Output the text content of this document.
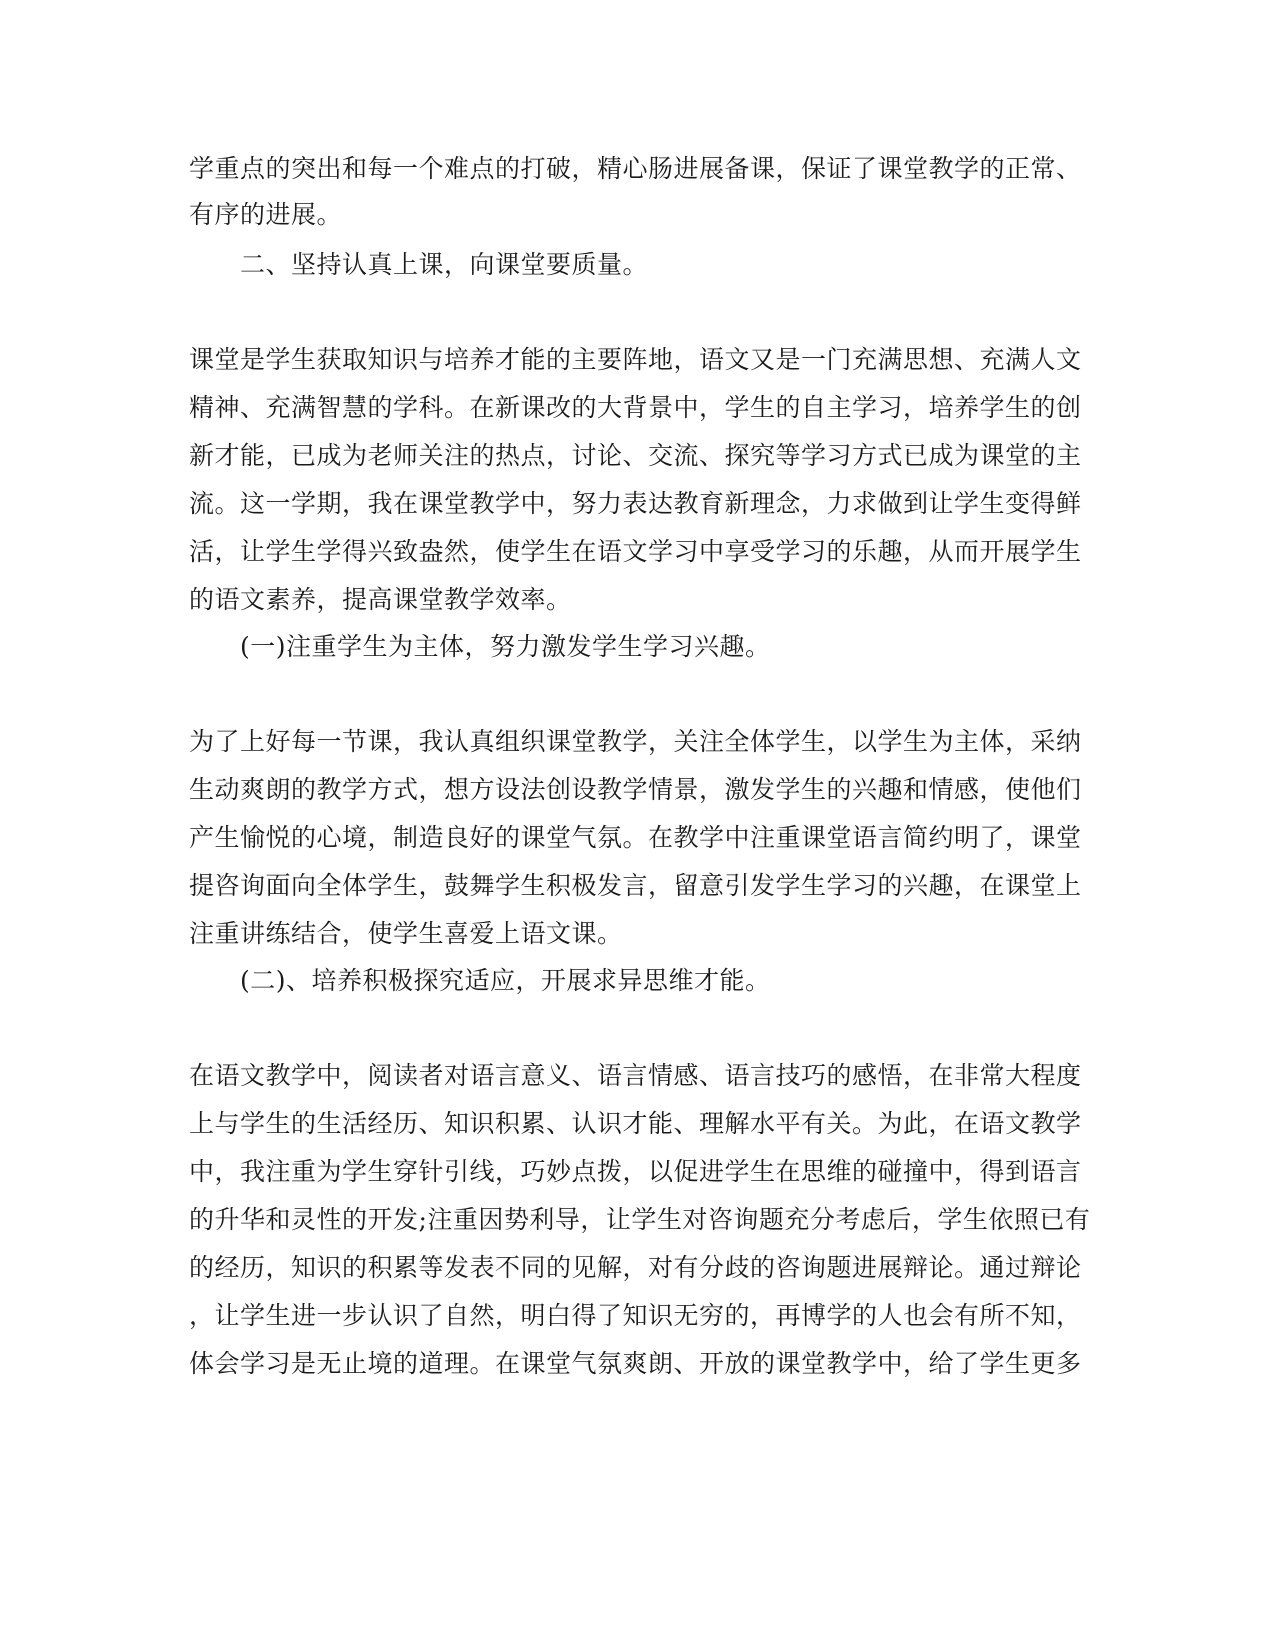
学重点的突出和每一个难点的打破，精心肠进展备课，保证了课堂教学的正常、
有序的进展。
二、坚持认真上课，向课堂要质量。
课堂是学生获取知识与培养才能的主要阵地，语文又是一门充满思想、充满人文
精神、充满智慧的学科。在新课改的大背景中，学生的自主学习，培养学生的创
新才能，已成为老师关注的热点，讨论、交流、探究等学习方式已成为课堂的主
流。这一学期，我在课堂教学中，努力表达教育新理念，力求做到让学生变得鲜
活，让学生学得兴致盎然，使学生在语文学习中享受学习的乐趣，从而开展学生
的语文素养，提高课堂教学效率。
(一)注重学生为主体，努力激发学生学习兴趣。
为了上好每一节课，我认真组织课堂教学，关注全体学生，以学生为主体，采纳
生动爽朗的教学方式，想方设法创设教学情景，激发学生的兴趣和情感，使他们
产生愉悦的心境，制造良好的课堂气氛。在教学中注重课堂语言简约明了，课堂
提咨询面向全体学生，鼓舞学生积极发言，留意引发学生学习的兴趣，在课堂上
注重讲练结合，使学生喜爱上语文课。
(二)、培养积极探究适应，开展求异思维才能。
在语文教学中，阅读者对语言意义、语言情感、语言技巧的感悟，在非常大程度
上与学生的生活经历、知识积累、认识才能、理解水平有关。为此，在语文教学
中，我注重为学生穿针引线，巧妙点拨，以促进学生在思维的碰撞中，得到语言
的升华和灵性的开发;注重因势利导，让学生对咨询题充分考虑后，学生依照已有
的经历，知识的积累等发表不同的见解，对有分歧的咨询题进展辩论。通过辩论
，让学生进一步认识了自然，明白得了知识无穷的，再博学的人也会有所不知，
体会学习是无止境的道理。在课堂气氛爽朗、开放的课堂教学中，给了学生更多
